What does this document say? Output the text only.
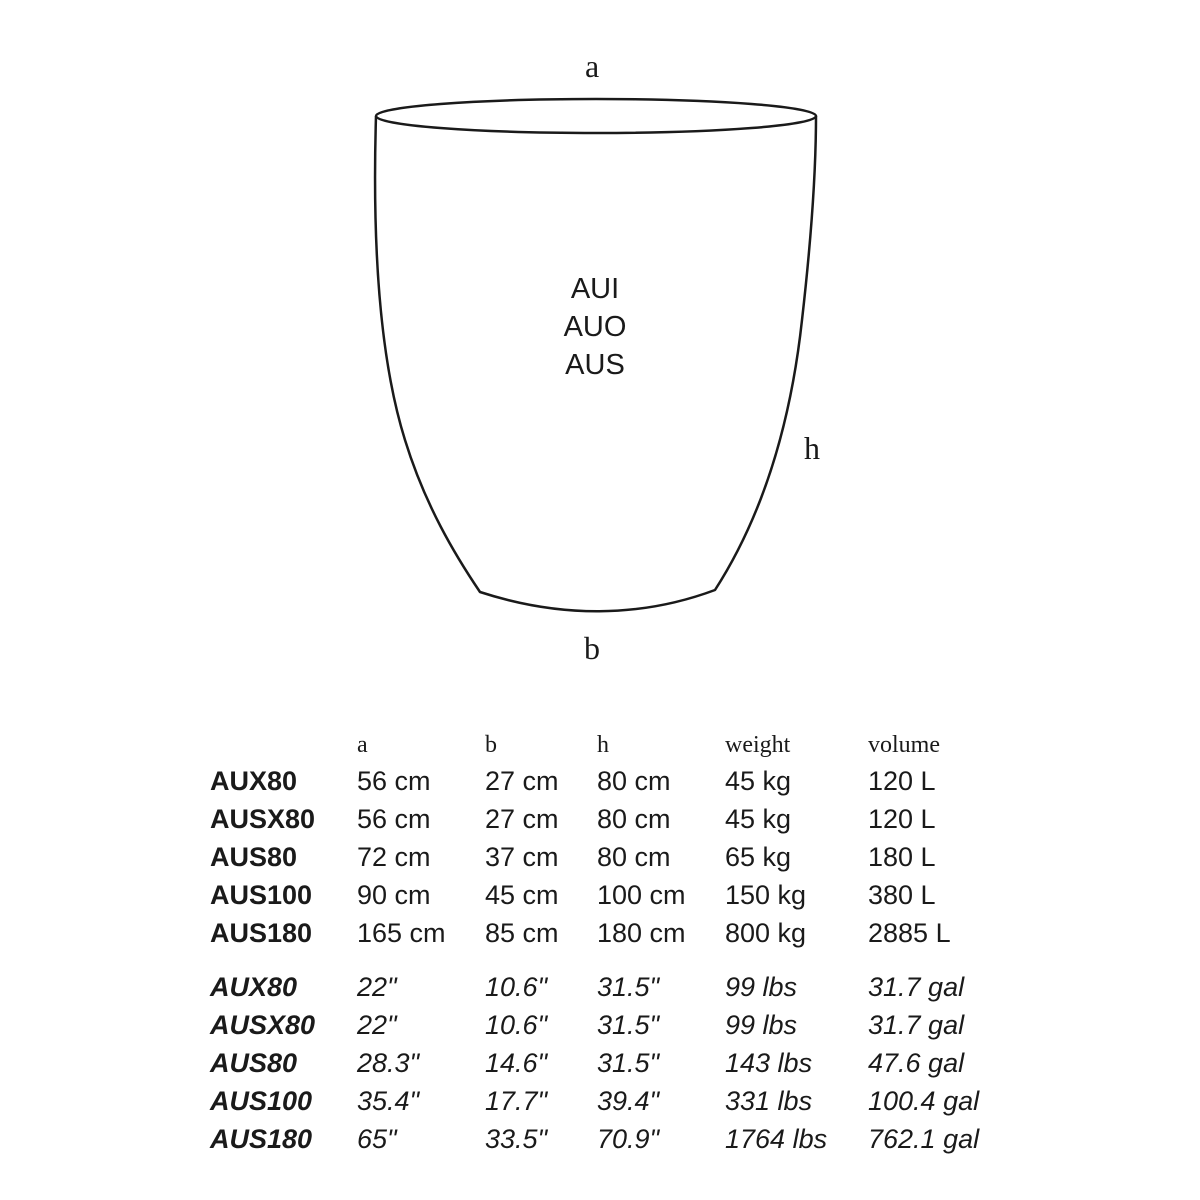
a
h
b
AUI
AUO
AUS
	a	b	h	weight	volume
AUX80	56 cm	27 cm	80 cm	45 kg	120 L
AUSX80	56 cm	27 cm	80 cm	45 kg	120 L
AUS80	72 cm	37 cm	80 cm	65 kg	180 L
AUS100	90 cm	45 cm	100 cm	150 kg	380 L
AUS180	165 cm	85 cm	180 cm	800 kg	2885 L

AUX80	22"	10.6"	31.5"	99 lbs	31.7 gal
AUSX80	22"	10.6"	31.5"	99 lbs	31.7 gal
AUS80	28.3"	14.6"	31.5"	143 lbs	47.6 gal
AUS100	35.4"	17.7"	39.4"	331 lbs	100.4 gal
AUS180	65"	33.5"	70.9"	1764 lbs	762.1 gal
